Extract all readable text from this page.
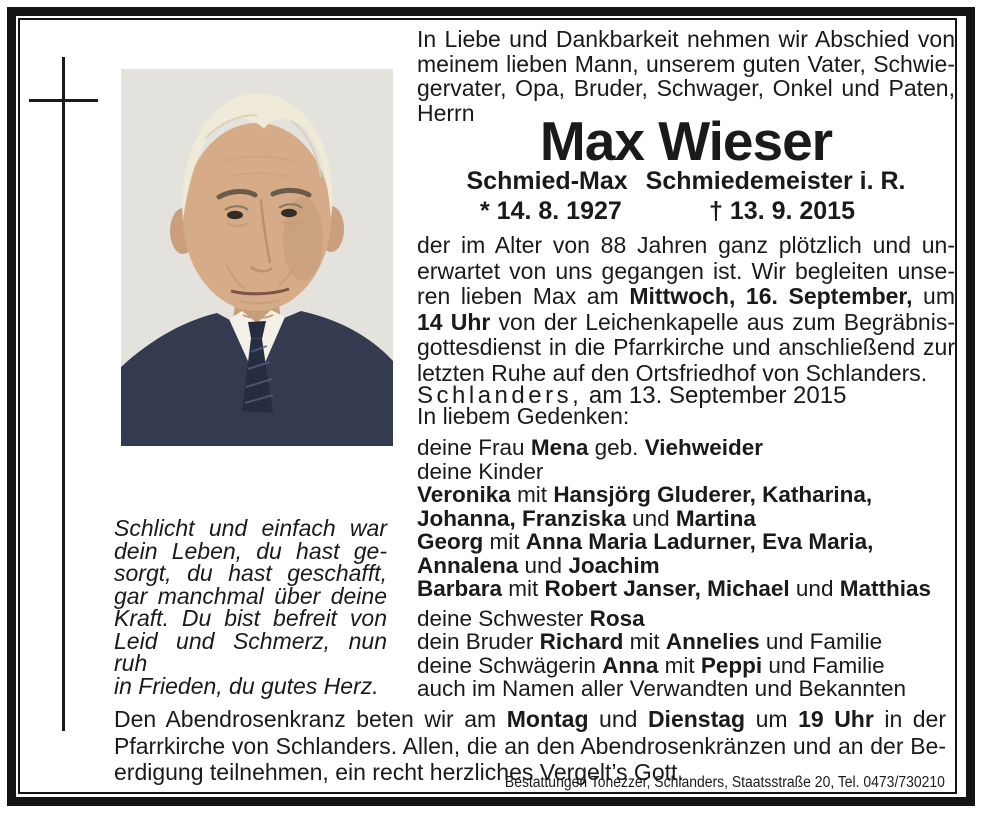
In Liebe und Dankbarkeit nehmen wir Abschied von
meinem lieben Mann, unserem guten Vater, Schwie-
gervater, Opa, Bruder, Schwager, Onkel und Paten,
Herrn	Max Wieser
Schmied-Max Schmiedemeister i. R.
* 14. 8. 1927	† 13. 9. 2015
der im Alter von 88 Jahren ganz plötzlich und un-
erwartet von uns gegangen ist. Wir begleiten unse-
ren lieben Max am Mittwoch, 16. September, um
14 Uhr von der Leichenkapelle aus zum Begräbnis-
gottesdienst in die Pfarrkirche und anschließend zur
letzten Ruhe auf den Ortsfriedhof von Schlanders.
Schlanders, am 13. September 2015
In liebem Gedenken:
deine Frau Mena geb. Viehweider
deine Kinder
Veronika mit Hansjörg Gluderer, Katharina,
Johanna, Franziska und Martina
Georg mit Anna Maria Ladurner, Eva Maria,
Annalena und Joachim
Barbara mit Robert Janser, Michael und Matthias
deine Schwester Rosa
dein Bruder Richard mit Annelies und Familie
deine Schwägerin Anna mit Peppi und Familie
auch im Namen aller Verwandten und Bekannten
Schlicht und einfach war
dein Leben, du hast ge-
sorgt, du hast geschafft,
gar manchmal über deine
Kraft. Du bist befreit von
Leid und Schmerz, nun ruh
in Frieden, du gutes Herz.
Den Abendrosenkranz beten wir am Montag und Dienstag um 19 Uhr in der
Pfarrkirche von Schlanders. Allen, die an den Abendrosenkränzen und an der Be-
erdigung teilnehmen, ein recht herzliches Vergelt’s Gott.
Bestattungen Tonezzer, Schlanders, Staatsstraße 20, Tel. 0473/730210
